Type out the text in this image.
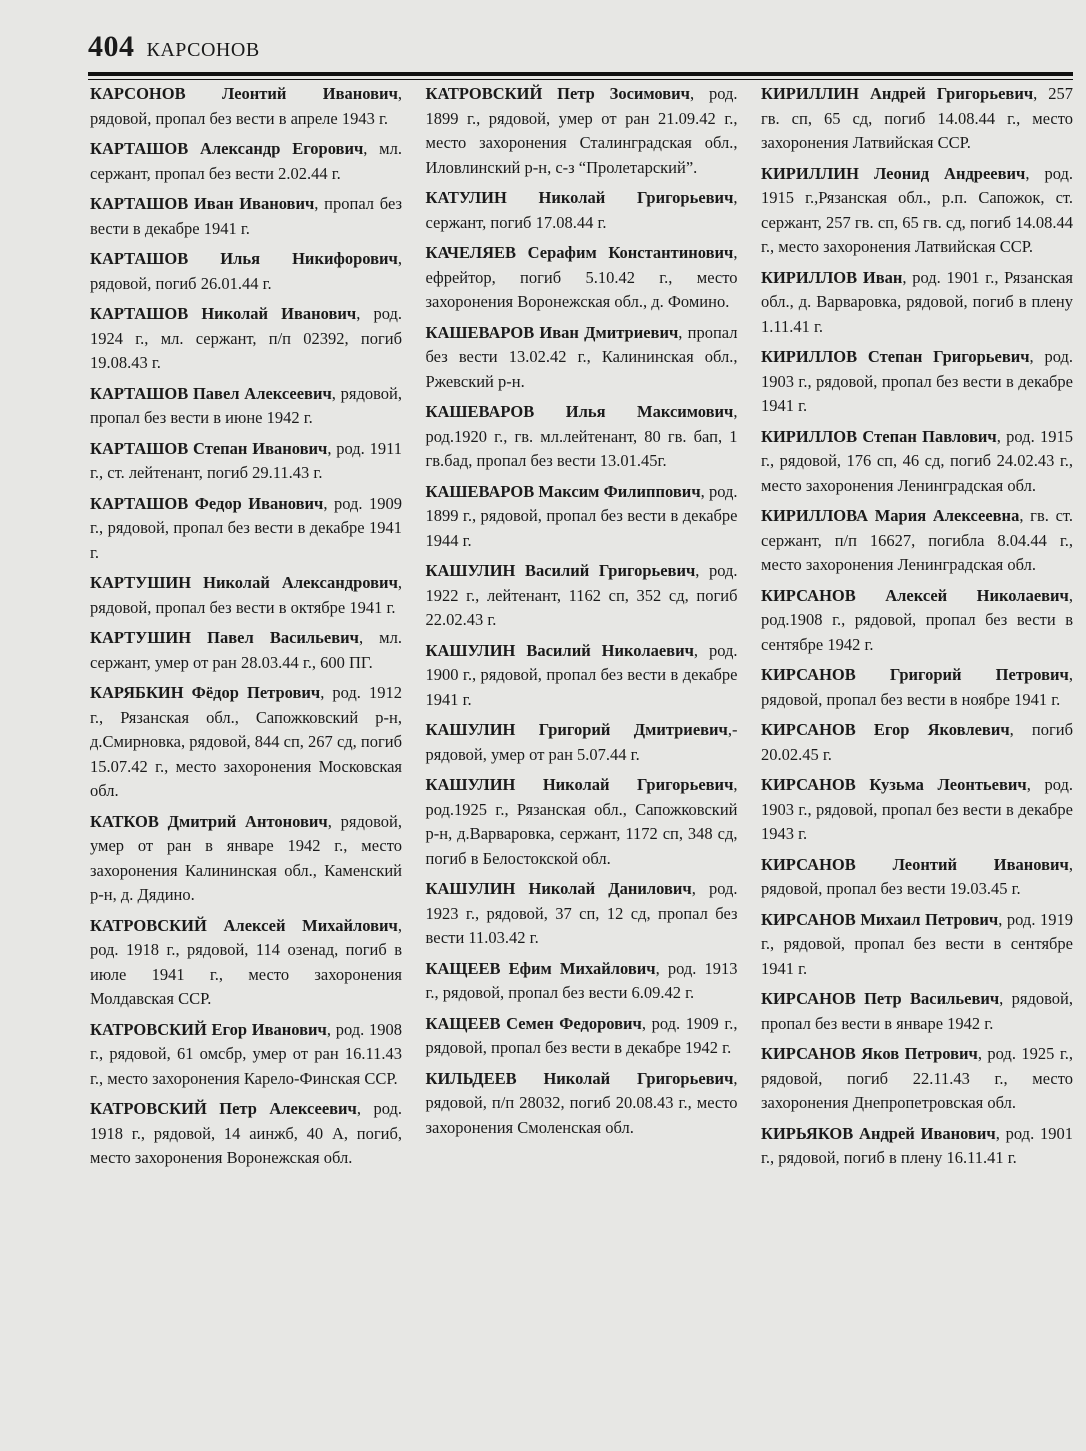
404 КАРСОНОВ
КАРСОНОВ Леонтий Иванович, рядовой, пропал без вести в апреле 1943 г.
КАРТАШОВ Александр Егорович, мл. сержант, пропал без вести 2.02.44 г.
КАРТАШОВ Иван Иванович, пропал без вести в декабре 1941 г.
КАРТАШОВ Илья Никифорович, рядовой, погиб 26.01.44 г.
КАРТАШОВ Николай Иванович, род. 1924 г., мл. сержант, п/п 02392, погиб 19.08.43 г.
КАРТАШОВ Павел Алексеевич, рядовой, пропал без вести в июне 1942 г.
КАРТАШОВ Степан Иванович, род. 1911 г., ст. лейтенант, погиб 29.11.43 г.
КАРТАШОВ Федор Иванович, род. 1909 г., рядовой, пропал без вести в декабре 1941 г.
КАРТУШИН Николай Александрович, рядовой, пропал без вести в октябре 1941 г.
КАРТУШИН Павел Васильевич, мл. сержант, умер от ран 28.03.44 г., 600 ПГ.
КАРЯБКИН Фёдор Петрович, род. 1912 г., Рязанская обл., Сапожковский р-н, д.Смирновка, рядовой, 844 сп, 267 сд, погиб 15.07.42 г., место захоронения Московская обл.
КАТКОВ Дмитрий Антонович, рядовой, умер от ран в январе 1942 г., место захоронения Калининская обл., Каменский р-н, д. Дядино.
КАТРОВСКИЙ Алексей Михайлович, род. 1918 г., рядовой, 114 озенад, погиб в июле 1941 г., место захоронения Молдавская ССР.
КАТРОВСКИЙ Егор Иванович, род. 1908 г., рядовой, 61 омсбр, умер от ран 16.11.43 г., место захоронения Карело-Финская ССР.
КАТРОВСКИЙ Петр Алексеевич, род. 1918 г., рядовой, 14 аинжб, 40 А, погиб, место захоронения Воронежская обл.
КАТРОВСКИЙ Петр Зосимович, род. 1899 г., рядовой, умер от ран 21.09.42 г., место захоронения Сталинградская обл., Иловлинский р-н, с-з “Пролетарский”.
КАТУЛИН Николай Григорьевич, сержант, погиб 17.08.44 г.
КАЧЕЛЯЕВ Серафим Константинович, ефрейтор, погиб 5.10.42 г., место захоронения Воронежская обл., д. Фомино.
КАШЕВАРОВ Иван Дмитриевич, пропал без вести 13.02.42 г., Калининская обл., Ржевский р-н.
КАШЕВАРОВ Илья Максимович, род.1920 г., гв. мл.лейтенант, 80 гв. бап, 1 гв.бад, пропал без вести 13.01.45г.
КАШЕВАРОВ Максим Филиппович, род. 1899 г., рядовой, пропал без вести в декабре 1944 г.
КАШУЛИН Василий Григорьевич, род. 1922 г., лейтенант, 1162 сп, 352 сд, погиб 22.02.43 г.
КАШУЛИН Василий Николаевич, род. 1900 г., рядовой, пропал без вести в декабре 1941 г.
КАШУЛИН Григорий Дмитриевич,- рядовой, умер от ран 5.07.44 г.
КАШУЛИН Николай Григорьевич, род.1925 г., Рязанская обл., Сапожковский р-н, д.Варваровка, сержант, 1172 сп, 348 сд, погиб в Белостокской обл.
КАШУЛИН Николай Данилович, род. 1923 г., рядовой, 37 сп, 12 сд, пропал без вести 11.03.42 г.
КАЩЕЕВ Ефим Михайлович, род. 1913 г., рядовой, пропал без вести 6.09.42 г.
КАЩЕЕВ Семен Федорович, род. 1909 г., рядовой, пропал без вести в декабре 1942 г.
КИЛЬДЕЕВ Николай Григорьевич, рядовой, п/п 28032, погиб 20.08.43 г., место захоронения Смоленская обл.
КИРИЛЛИН Андрей Григорьевич, 257 гв. сп, 65 сд, погиб 14.08.44 г., место захоронения Латвийская ССР.
КИРИЛЛИН Леонид Андреевич, род. 1915 г.,Рязанская обл., р.п. Сапожок, ст. сержант, 257 гв. сп, 65 гв. сд, погиб 14.08.44 г., место захоронения Латвийская ССР.
КИРИЛЛОВ Иван, род. 1901 г., Рязанская обл., д. Варваровка, рядовой, погиб в плену 1.11.41 г.
КИРИЛЛОВ Степан Григорьевич, род. 1903 г., рядовой, пропал без вести в декабре 1941 г.
КИРИЛЛОВ Степан Павлович, род. 1915 г., рядовой, 176 сп, 46 сд, погиб 24.02.43 г., место захоронения Ленинградская обл.
КИРИЛЛОВА Мария Алексеевна, гв. ст. сержант, п/п 16627, погибла 8.04.44 г., место захоронения Ленинградская обл.
КИРСАНОВ Алексей Николаевич, род.1908 г., рядовой, пропал без вести в сентябре 1942 г.
КИРСАНОВ Григорий Петрович, рядовой, пропал без вести в ноябре 1941 г.
КИРСАНОВ Егор Яковлевич, погиб 20.02.45 г.
КИРСАНОВ Кузьма Леонтьевич, род. 1903 г., рядовой, пропал без вести в декабре 1943 г.
КИРСАНОВ Леонтий Иванович, рядовой, пропал без вести 19.03.45 г.
КИРСАНОВ Михаил Петрович, род. 1919 г., рядовой, пропал без вести в сентябре 1941 г.
КИРСАНОВ Петр Васильевич, рядовой, пропал без вести в январе 1942 г.
КИРСАНОВ Яков Петрович, род. 1925 г., рядовой, погиб 22.11.43 г., место захоронения Днепропетровская обл.
КИРЬЯКОВ Андрей Иванович, род. 1901 г., рядовой, погиб в плену 16.11.41 г.
